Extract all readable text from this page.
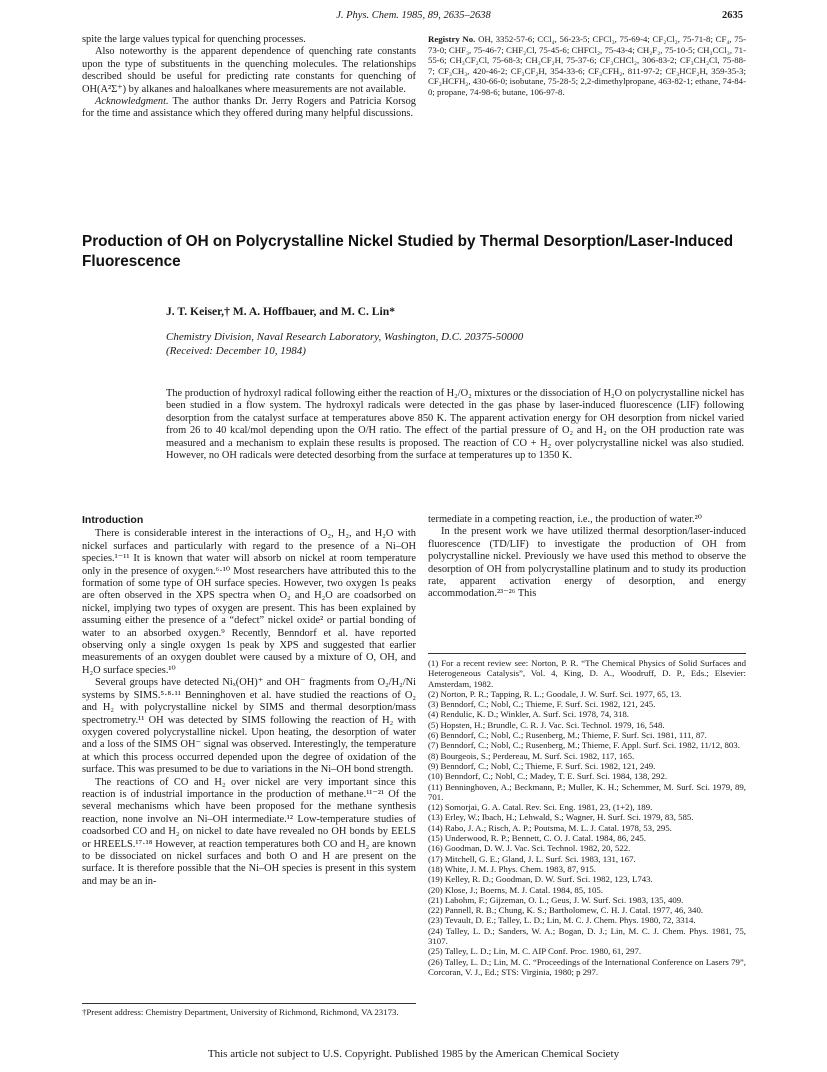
J. Phys. Chem. 1985, 89, 2635–2638	2635

spite the large values typical for quenching processes.

Also noteworthy is the apparent dependence of quenching rate constants upon the type of substituents in the quenching molecules. The relationships described should be useful for predicting rate constants for quenching of OH(A²Σ⁺) by alkanes and haloalkanes where measurements are not available.

Acknowledgment. The author thanks Dr. Jerry Rogers and Patricia Korsog for the time and assistance which they offered during many helpful discussions.

Registry No. OH, 3352-57-6; CCl₄, 56-23-5; CFCl₃, 75-69-4; CF₂Cl₂, 75-71-8; CF₄, 75-73-0; CHF₃, 75-46-7; CHF₂Cl, 75-45-6; CHFCl₂, 75-43-4; CH₂F₂, 75-10-5; CH₃CCl₃, 71-55-6; CH₃CF₂Cl, 75-68-3; CH₃CF₂H, 75-37-6; CF₃CHCl₂, 306-83-2; CF₃CH₂Cl, 75-88-7; CF₃CH₃, 420-46-2; CF₃CF₂H, 354-33-6; CF₃CFH₂, 811-97-2; CF₃HCF₂H, 359-35-3; CF₂HCFH₂, 430-66-0; isobutane, 75-28-5; 2,2-dimethylpropane, 463-82-1; ethane, 74-84-0; propane, 74-98-6; butane, 106-97-8.
Production of OH on Polycrystalline Nickel Studied by Thermal Desorption/Laser-Induced Fluorescence
J. T. Keiser,† M. A. Hoffbauer, and M. C. Lin*
Chemistry Division, Naval Research Laboratory, Washington, D.C. 20375-50000
(Received: December 10, 1984)
The production of hydroxyl radical following either the reaction of H₂/O₂ mixtures or the dissociation of H₂O on polycrystalline nickel has been studied in a flow system. The hydroxyl radicals were detected in the gas phase by laser-induced fluorescence (LIF) following desorption from the catalyst surface at temperatures above 850 K. The apparent activation energy for OH desorption from nickel varied from 26 to 40 kcal/mol depending upon the O/H ratio. The effect of the partial pressure of O₂ and H₂ on the OH production rate was measured and a mechanism to explain these results is proposed. The reaction of CO + H₂ over polycrystalline nickel was also studied. However, no OH radicals were detected desorbing from the surface at temperatures up to 1350 K.
Introduction

There is considerable interest in the interactions of O₂, H₂, and H₂O with nickel surfaces and particularly with regard to the presence of a Ni–OH species.¹⁻¹¹ It is known that water will absorb on nickel at room temperature only in the presence of oxygen.⁶·¹⁰ Most researchers have attributed this to the formation of some type of OH surface species. However, two oxygen 1s peaks are often observed in the XPS spectra when O₂ and H₂O are coadsorbed on nickel, implying two types of oxygen are present. This has been explained by assuming either the presence of a “defect” nickel oxide² or partial bonding of water to an absorbed oxygen.⁹ Recently, Benndorf et al. have reported observing only a single oxygen 1s peak by XPS and suggested that earlier measurements of an oxygen doublet were caused by a mixture of O, OH, and H₂O surface species.¹⁰

Several groups have detected Niₓ(OH)⁺ and OH⁻ fragments from O₂/H₂/Ni systems by SIMS.⁵·⁸·¹¹ Benninghoven et al. have studied the reactions of O₂ and H₂ with polycrystalline nickel by SIMS and thermal desorption/mass spectrometry.¹¹ OH was detected by SIMS following the reaction of H₂ with oxygen covered polycrystalline nickel. Upon heating, the desorption of water and a loss of the SIMS OH⁻ signal was observed. Interestingly, the temperature at which this process occurred depended upon the degree of oxidation of the surface. This was presumed to be due to variations in the Ni–OH bond strength.

The reactions of CO and H₂ over nickel are very important since this reaction is of industrial importance in the production of methane.¹¹⁻²¹ Of the several mechanisms which have been proposed for the methane synthesis reaction, none involve an Ni–OH intermediate.¹² Low-temperature studies of coadsorbed CO and H₂ on nickel to date have revealed no OH bonds by EELS or HREELS.¹⁷·¹⁸ However, at reaction temperatures both CO and H₂ are known to be dissociated on nickel surfaces and both O and H are present on the surface. It is therefore possible that the Ni–OH species is present in this system and may be an in-

†Present address: Chemistry Department, University of Richmond, Richmond, VA 23173.

termediate in a competing reaction, i.e., the production of water.²⁰

In the present work we have utilized thermal desorption/laser-induced fluorescence (TD/LIF) to investigate the production of OH from polycrystalline nickel. Previously we have used this method to observe the desorption of OH from polycrystalline platinum and to study its production rate, apparent activation energy of desorption, and energy accommodation.²³⁻²⁶ This

(1) For a recent review see: Norton, P. R. “The Chemical Physics of Solid Surfaces and Heterogeneous Catalysis”, Vol. 4, King, D. A., Woodruff, D. P., Eds.; Elsevier: Amsterdam, 1982.
(2) Norton, P. R.; Tapping, R. L.; Goodale, J. W. Surf. Sci. 1977, 65, 13.
(3) Benndorf, C.; Nobl, C.; Thieme, F. Surf. Sci. 1982, 121, 245.
(4) Rendulic, K. D.; Winkler, A. Surf. Sci. 1978, 74, 318.
(5) Hopsten, H.; Brundle, C. R. J. Vac. Sci. Technol. 1979, 16, 548.
(6) Benndorf, C.; Nobl, C.; Rusenberg, M.; Thieme, F. Surf. Sci. 1981, 111, 87.
(7) Benndorf, C.; Nobl, C.; Rusenberg, M.; Thieme, F. Appl. Surf. Sci. 1982, 11/12, 803.
(8) Bourgeois, S.; Perdereau, M. Surf. Sci. 1982, 117, 165.
(9) Benndorf, C.; Nobl, C.; Thieme, F. Surf. Sci. 1982, 121, 249.
(10) Benndorf, C.; Nobl, C.; Madey, T. E. Surf. Sci. 1984, 138, 292.
(11) Benninghoven, A.; Beckmann, P.; Muller, K. H.; Schemmer, M. Surf. Sci. 1979, 89, 701.
(12) Somorjai, G. A. Catal. Rev. Sci. Eng. 1981, 23, (1+2), 189.
(13) Erley, W.; Ibach, H.; Lehwald, S.; Wagner, H. Surf. Sci. 1979, 83, 585.
(14) Rabo, J. A.; Risch, A. P.; Poutsma, M. L. J. Catal. 1978, 53, 295.
(15) Underwood, R. P.; Bennett, C. O. J. Catal. 1984, 86, 245.
(16) Goodman, D. W. J. Vac. Sci. Technol. 1982, 20, 522.
(17) Mitchell, G. E.; Gland, J. L. Surf. Sci. 1983, 131, 167.
(18) White, J. M. J. Phys. Chem. 1983, 87, 915.
(19) Kelley, R. D.; Goodman, D. W. Surf. Sci. 1982, 123, L743.
(20) Klose, J.; Boerns, M. J. Catal. 1984, 85, 105.
(21) Labohm, F.; Gijzeman, O. L.; Geus, J. W. Surf. Sci. 1983, 135, 409.
(22) Pannell, R. B.; Chung, K. S.; Bartholomew, C. H. J. Catal. 1977, 46, 340.
(23) Tevault, D. E.; Talley, L. D.; Lin, M. C. J. Chem. Phys. 1980, 72, 3314.
(24) Talley, L. D.; Sanders, W. A.; Bogan, D. J.; Lin, M. C. J. Chem. Phys. 1981, 75, 3107.
(25) Talley, L. D.; Lin, M. C. AIP Conf. Proc. 1980, 61, 297.
(26) Talley, L. D.; Lin, M. C. “Proceedings of the International Conference on Lasers 79”, Corcoran, V. J., Ed.; STS: Virginia, 1980; p 297.
This article not subject to U.S. Copyright. Published 1985 by the American Chemical Society
